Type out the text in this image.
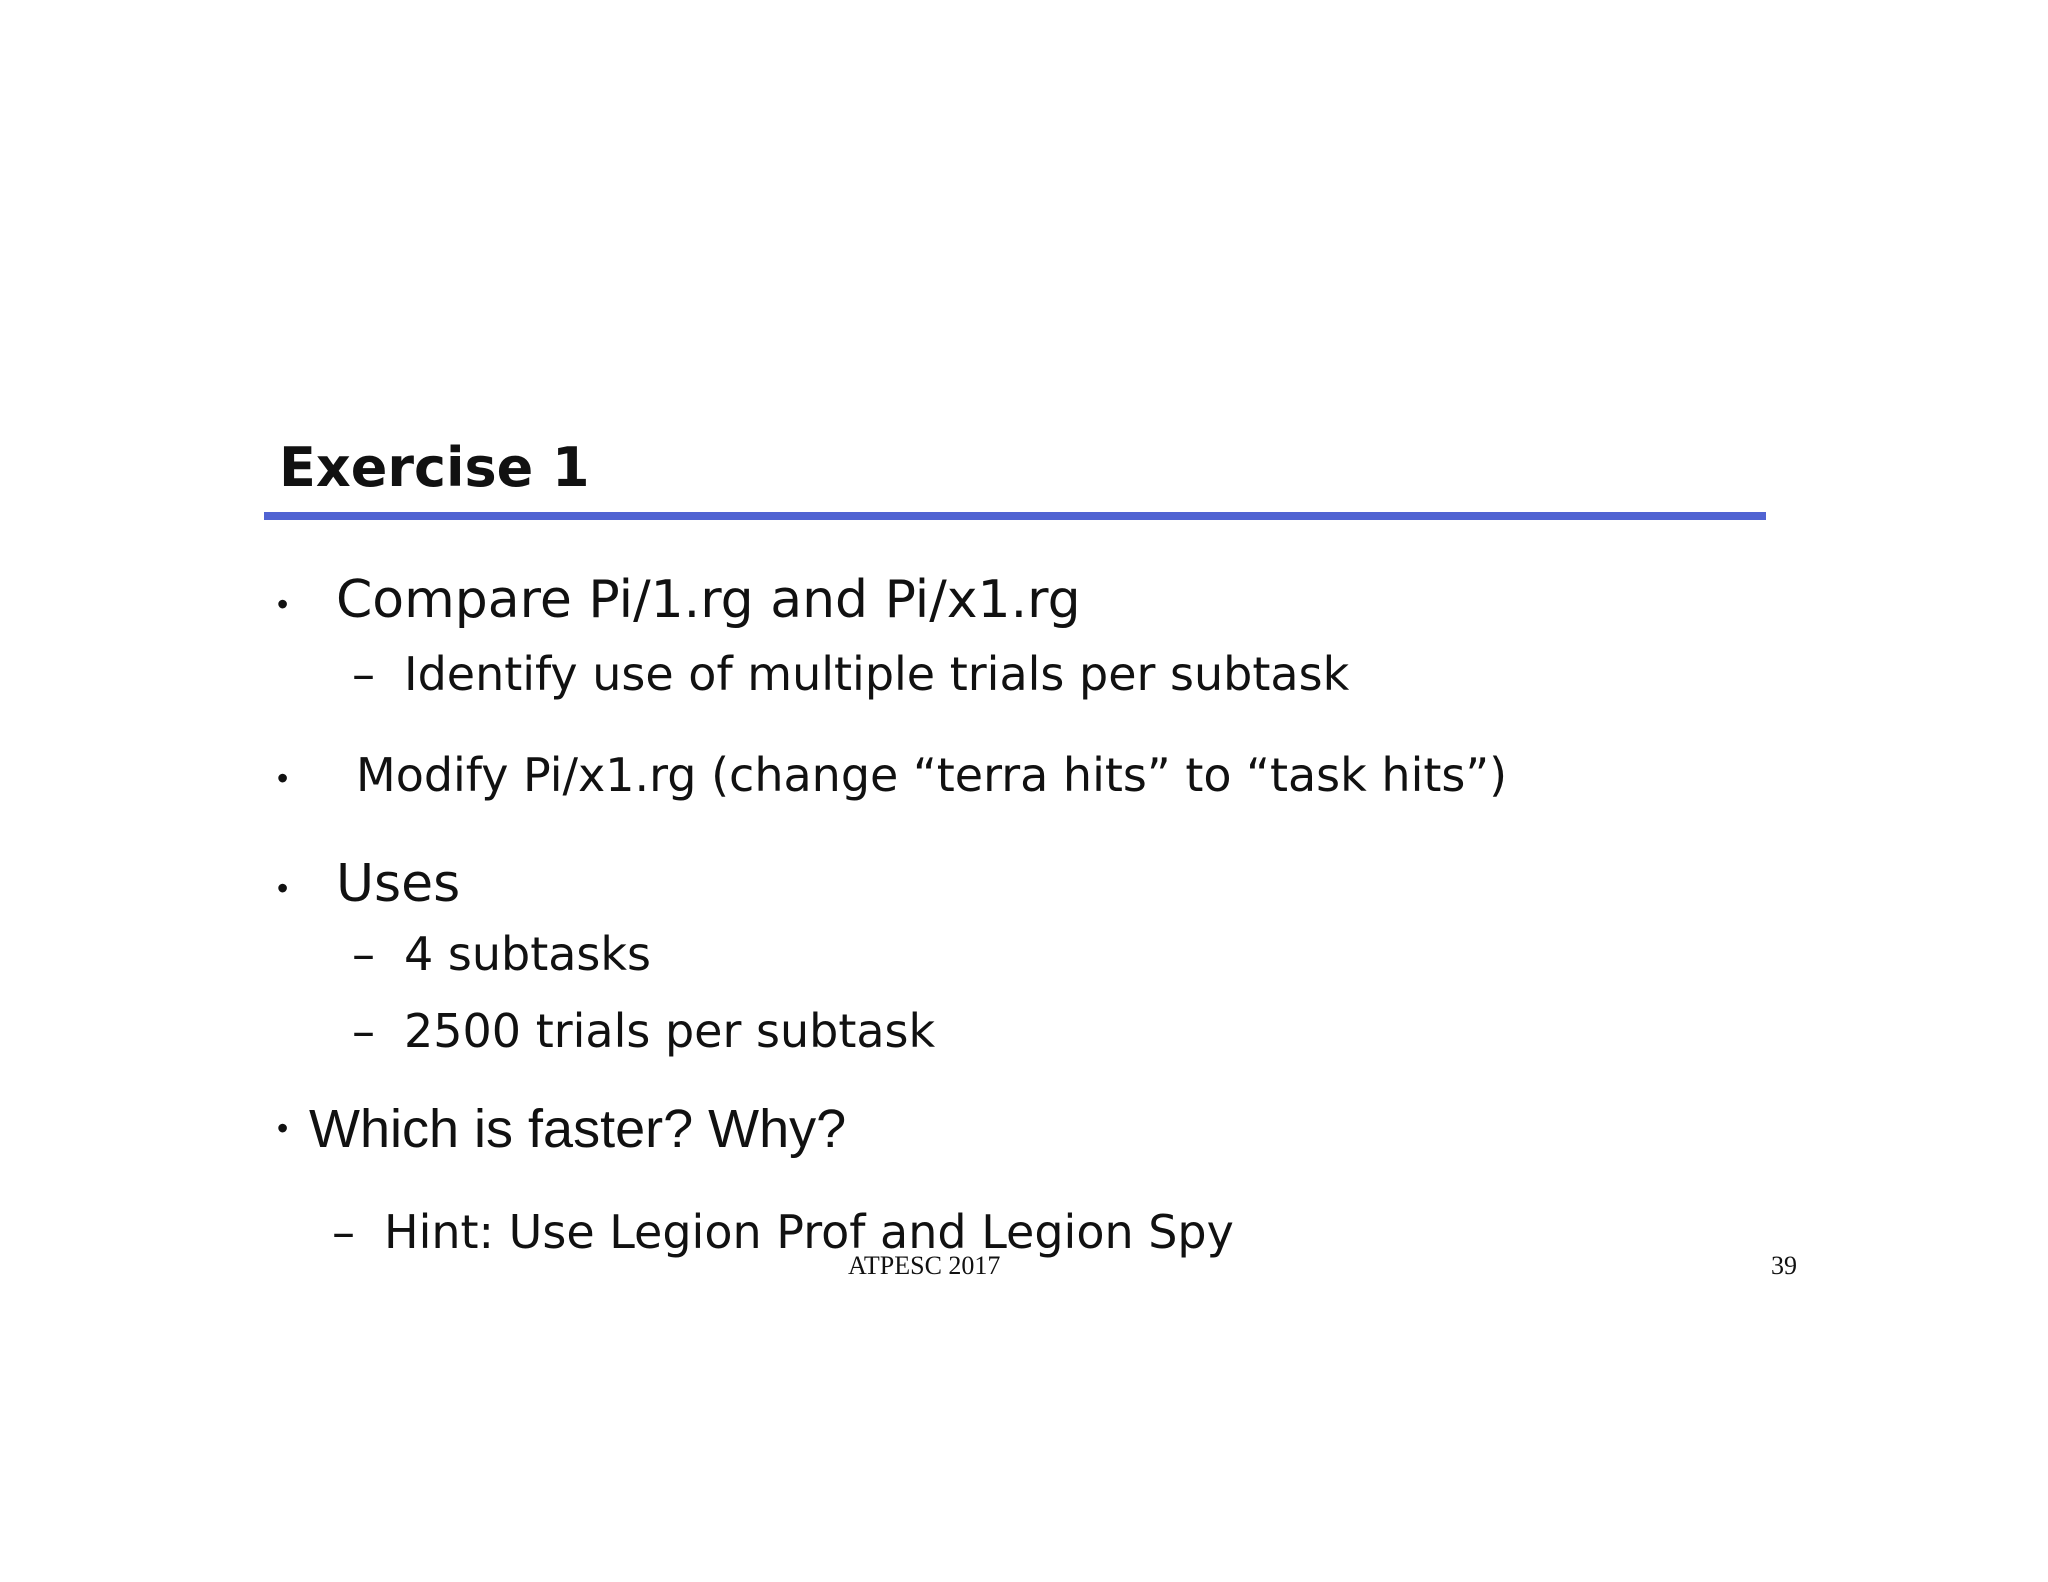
Exercise 1
• Compare Pi/1.rg and Pi/x1.rg
– Identify use of multiple trials per subtask
• Modify Pi/x1.rg (change “terra hits” to “task hits”)
• Uses
– 4 subtasks
– 2500 trials per subtask
• Which is faster? Why?
– Hint: Use Legion Prof and Legion Spy
ATPESC 2017	39
